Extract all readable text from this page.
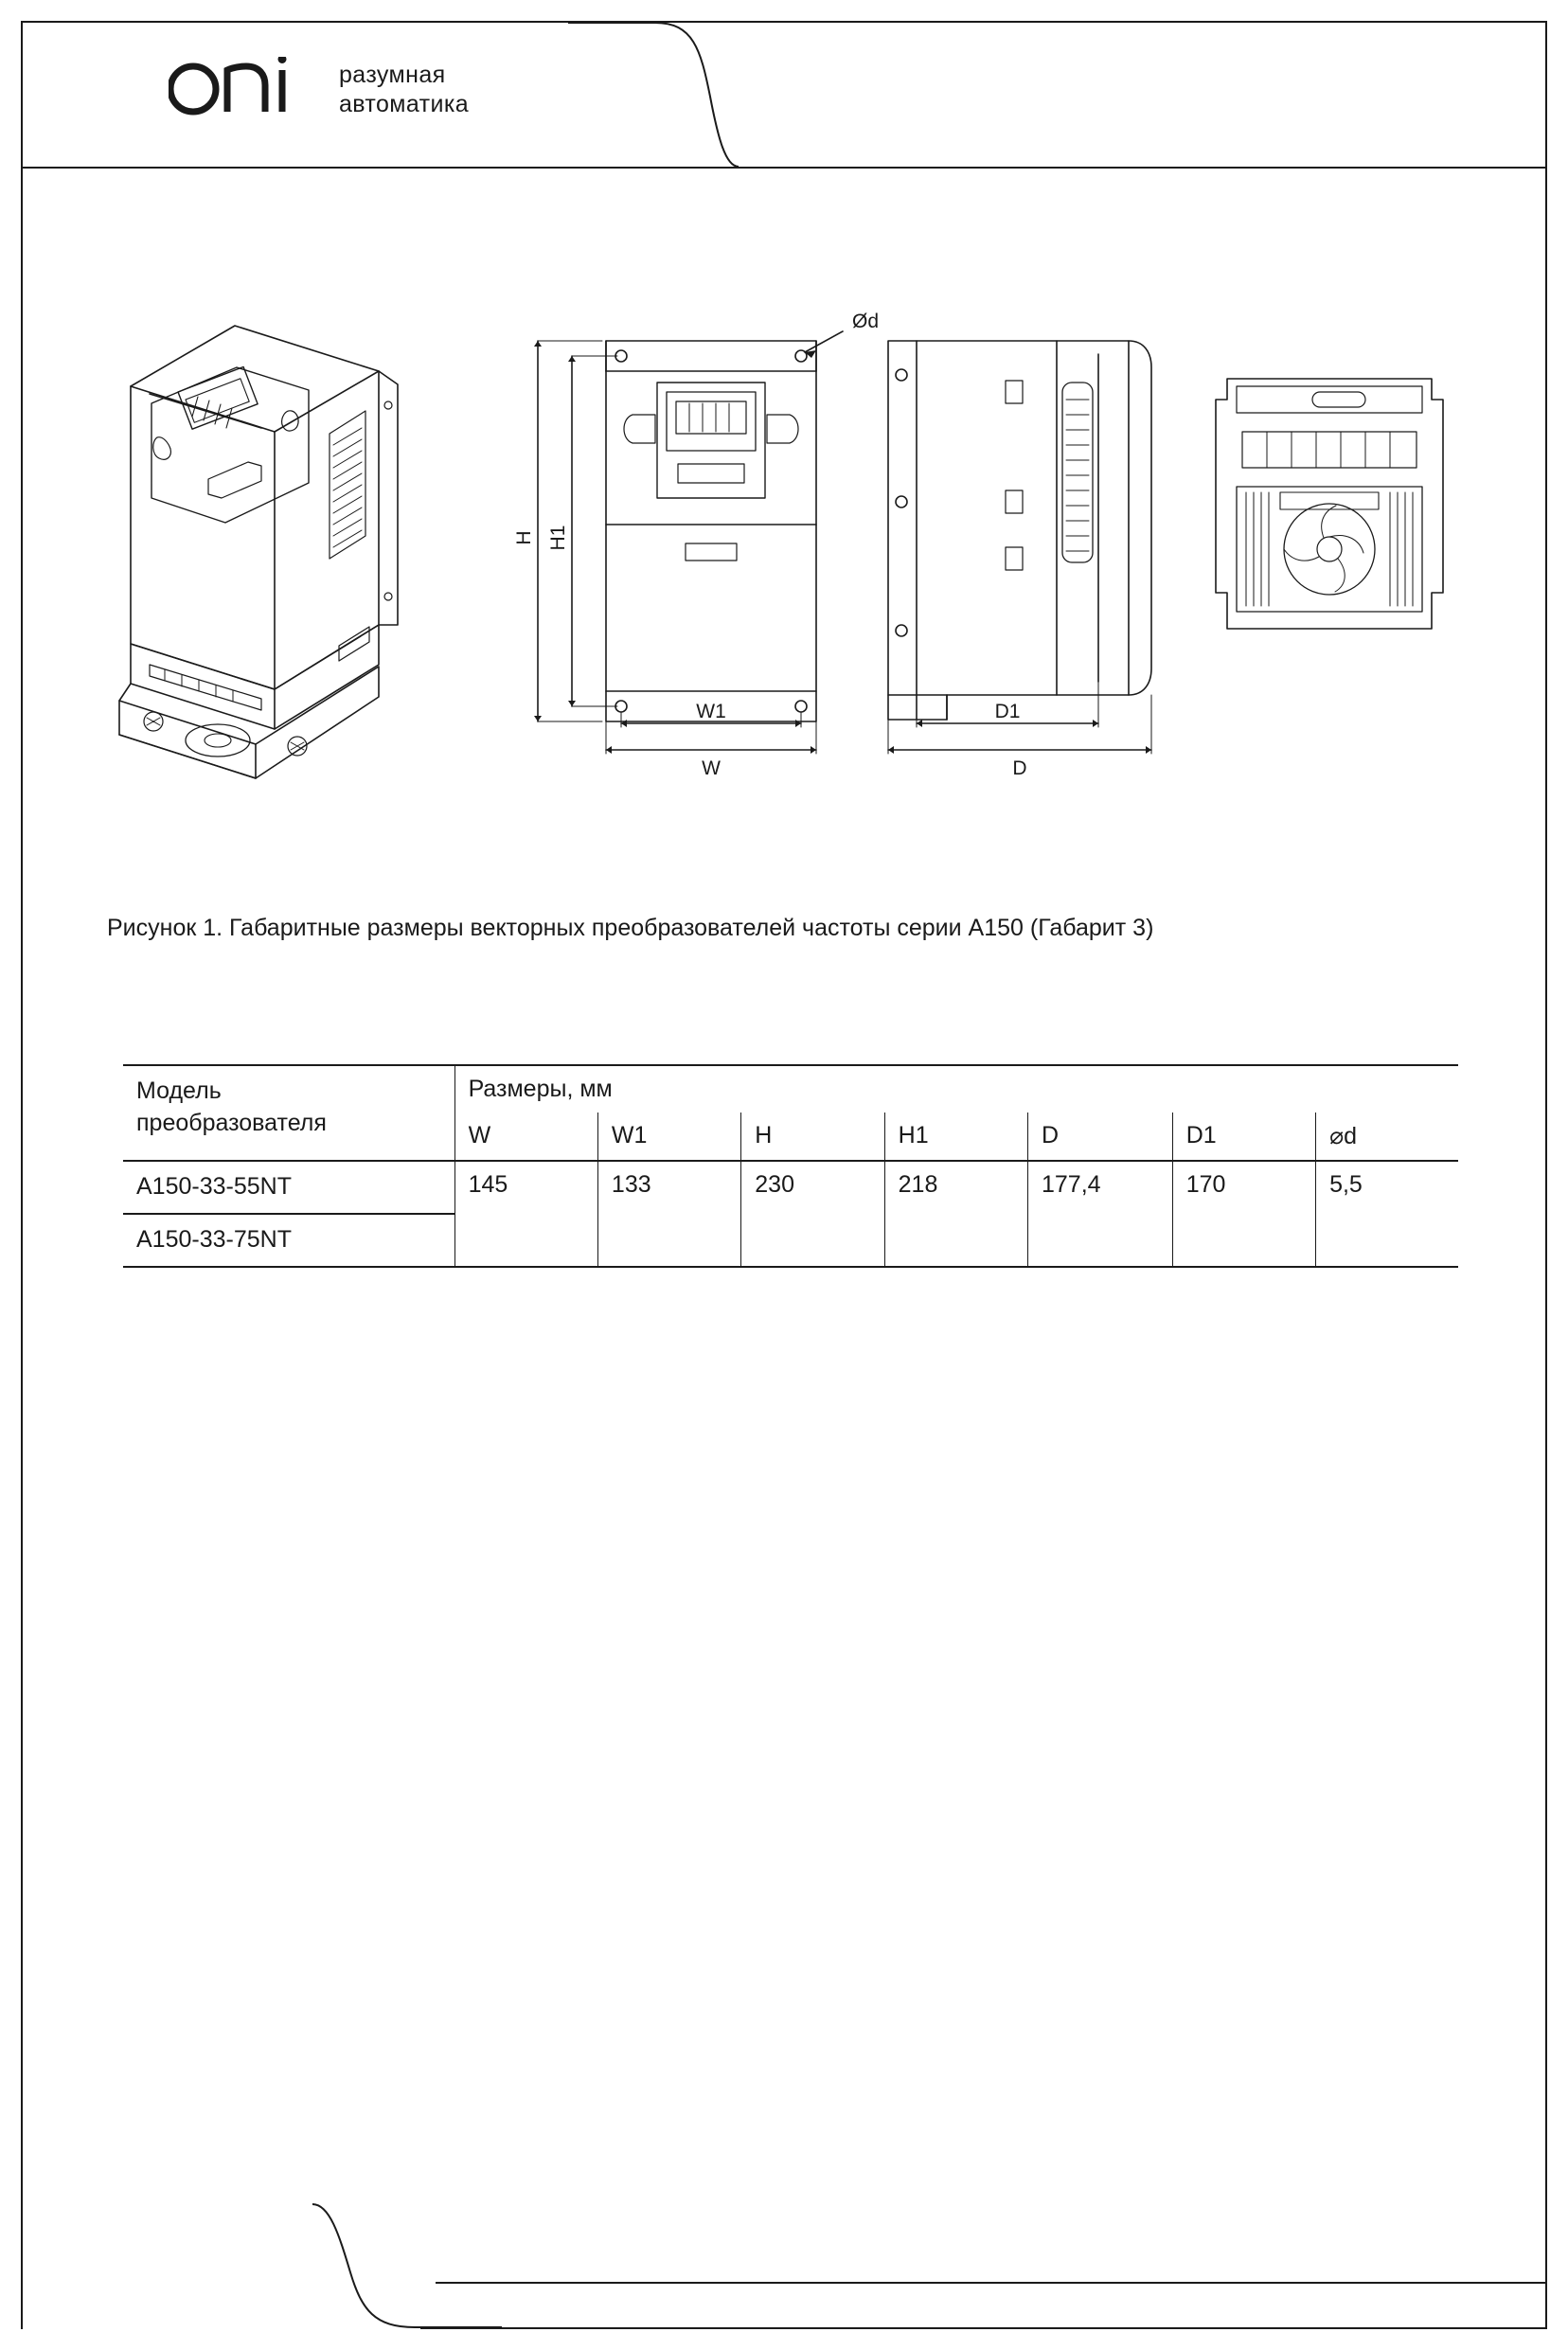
разумная
автоматика
H H1
W1
W
D1
D
Ød
Рисунок 1. Габаритные размеры векторных преобразователей частоты серии A150 (Габарит 3)
Модель
преобразователя	Размеры, мм						
	W	W1	H	H1	D	D1	⌀d
A150-33-55NT	145	133	230	218	177,4	170	5,5
A150-33-75NT							
